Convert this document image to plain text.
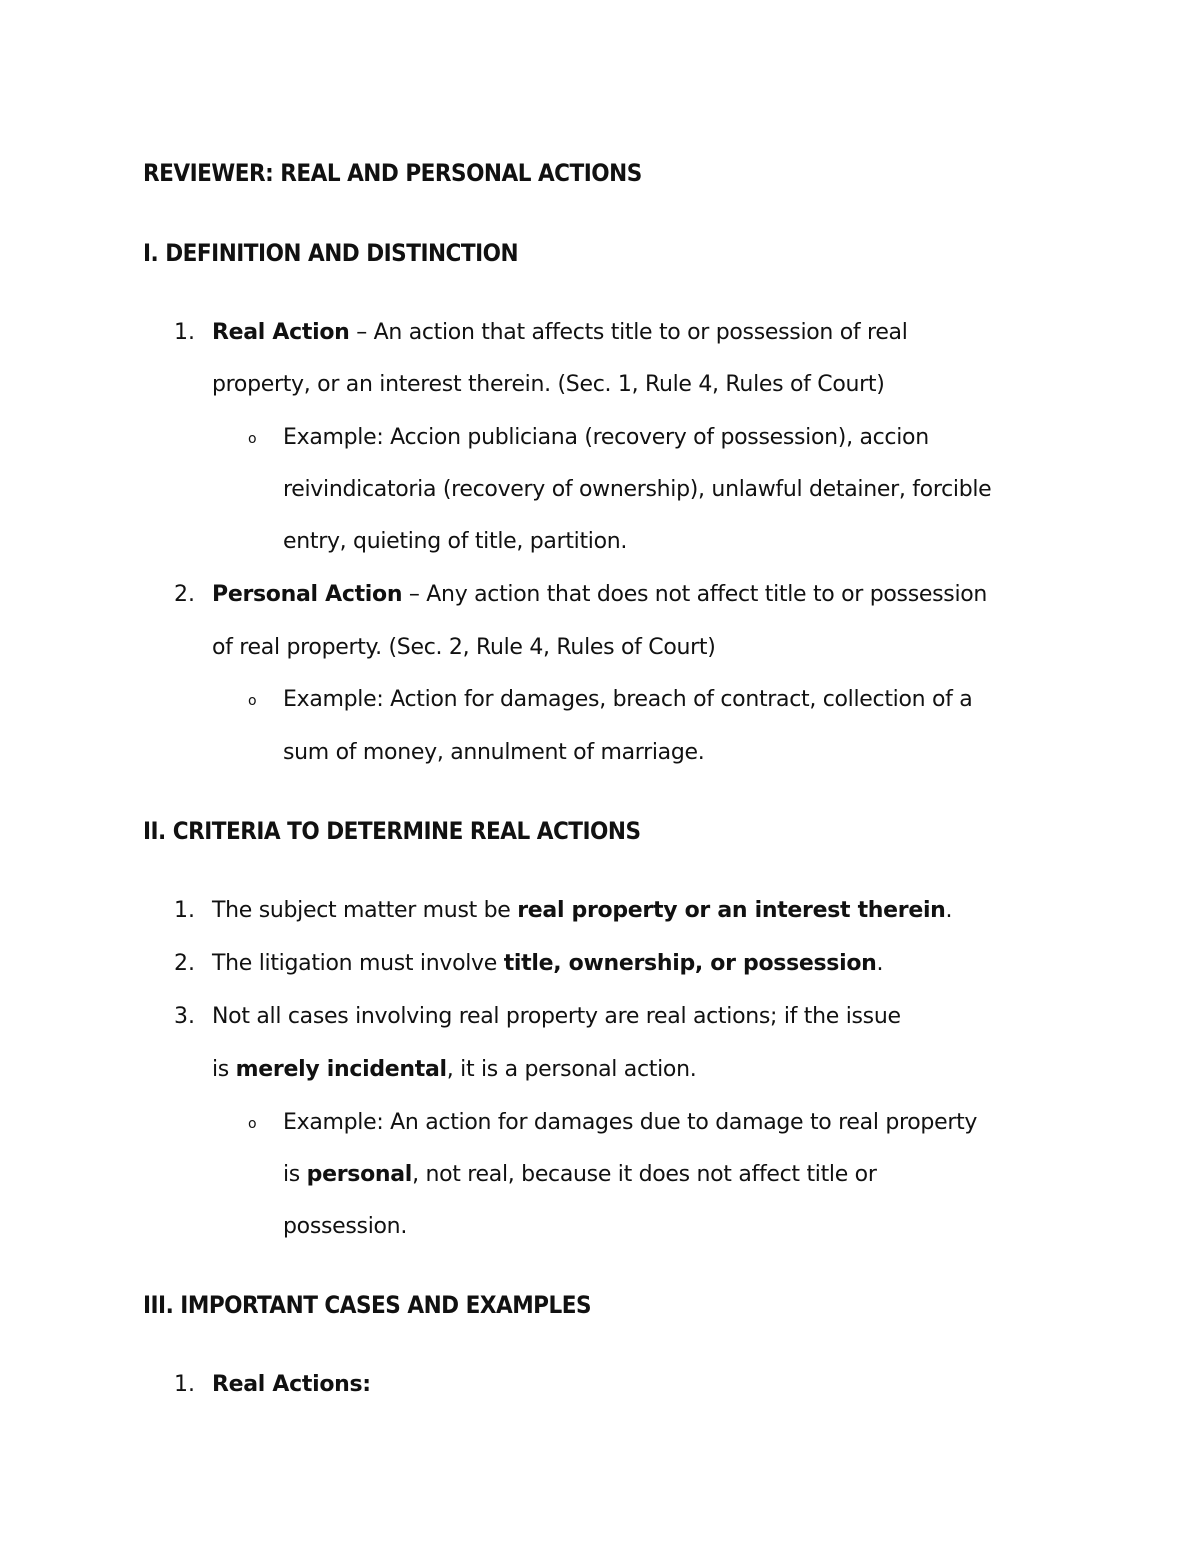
REVIEWER: REAL AND PERSONAL ACTIONS
I. DEFINITION AND DISTINCTION
1. Real Action – An action that affects title to or possession of real
property, or an interest therein. (Sec. 1, Rule 4, Rules of Court)
o Example: Accion publiciana (recovery of possession), accion
reivindicatoria (recovery of ownership), unlawful detainer, forcible
entry, quieting of title, partition.
2. Personal Action – Any action that does not affect title to or possession
of real property. (Sec. 2, Rule 4, Rules of Court)
o Example: Action for damages, breach of contract, collection of a
sum of money, annulment of marriage.
II. CRITERIA TO DETERMINE REAL ACTIONS
1. The subject matter must be real property or an interest therein.
2. The litigation must involve title, ownership, or possession.
3. Not all cases involving real property are real actions; if the issue
is merely incidental, it is a personal action.
o Example: An action for damages due to damage to real property
is personal, not real, because it does not affect title or
possession.
III. IMPORTANT CASES AND EXAMPLES
1. Real Actions:
